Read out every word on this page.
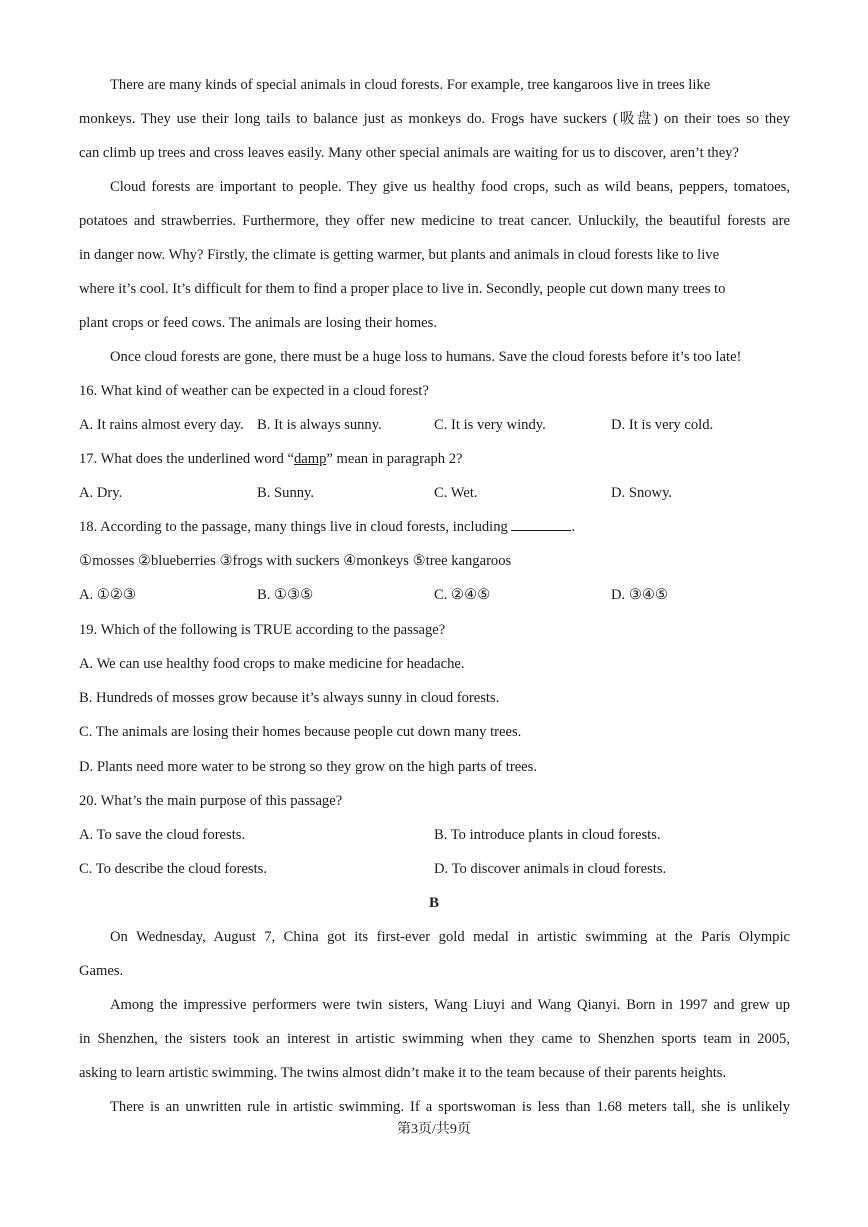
There are many kinds of special animals in cloud forests. For example, tree kangaroos live in trees like
monkeys. They use their long tails to balance just as monkeys do. Frogs have suckers (吸盘) on their toes so they
can climb up trees and cross leaves easily. Many other special animals are waiting for us to discover, aren’t they?
Cloud forests are important to people. They give us healthy food crops, such as wild beans, peppers, tomatoes,
potatoes and strawberries. Furthermore, they offer new medicine to treat cancer. Unluckily, the beautiful forests are
in danger now. Why? Firstly, the climate is getting warmer, but plants and animals in cloud forests like to live
where it’s cool. It’s difficult for them to find a proper place to live in. Secondly, people cut down many trees to
plant crops or feed cows. The animals are losing their homes.
Once cloud forests are gone, there must be a huge loss to humans. Save the cloud forests before it’s too late!
16. What kind of weather can be expected in a cloud forest?
A. It rains almost every day. B. It is always sunny.	C. It is very windy.	D. It is very cold.
17. What does the underlined word “damp” mean in paragraph 2?
A. Dry.	B. Sunny.	C. Wet.	D. Snowy.
18. According to the passage, many things live in cloud forests, including	.
①mosses ②blueberries ③frogs with suckers ④monkeys ⑤tree kangaroos
A. ①②③	B. ①③⑤	C. ②④⑤	D. ③④⑤
19. Which of the following is TRUE according to the passage?
A. We can use healthy food crops to make medicine for headache.
B. Hundreds of mosses grow because it’s always sunny in cloud forests.
C. The animals are losing their homes because people cut down many trees.
D. Plants need more water to be strong so they grow on the high parts of trees.
20. What’s the main purpose of this passage?
A. To save the cloud forests.	B. To introduce plants in cloud forests.
C. To describe the cloud forests.	D. To discover animals in cloud forests.
B
On Wednesday, August 7, China got its first-ever gold medal in artistic swimming at the Paris Olympic
Games.
Among the impressive performers were twin sisters, Wang Liuyi and Wang Qianyi. Born in 1997 and grew up
in Shenzhen, the sisters took an interest in artistic swimming when they came to Shenzhen sports team in 2005,
asking to learn artistic swimming. The twins almost didn’t make it to the team because of their parents heights.
There is an unwritten rule in artistic swimming. If a sportswoman is less than 1.68 meters tall, she is unlikely
第3页/共9页
